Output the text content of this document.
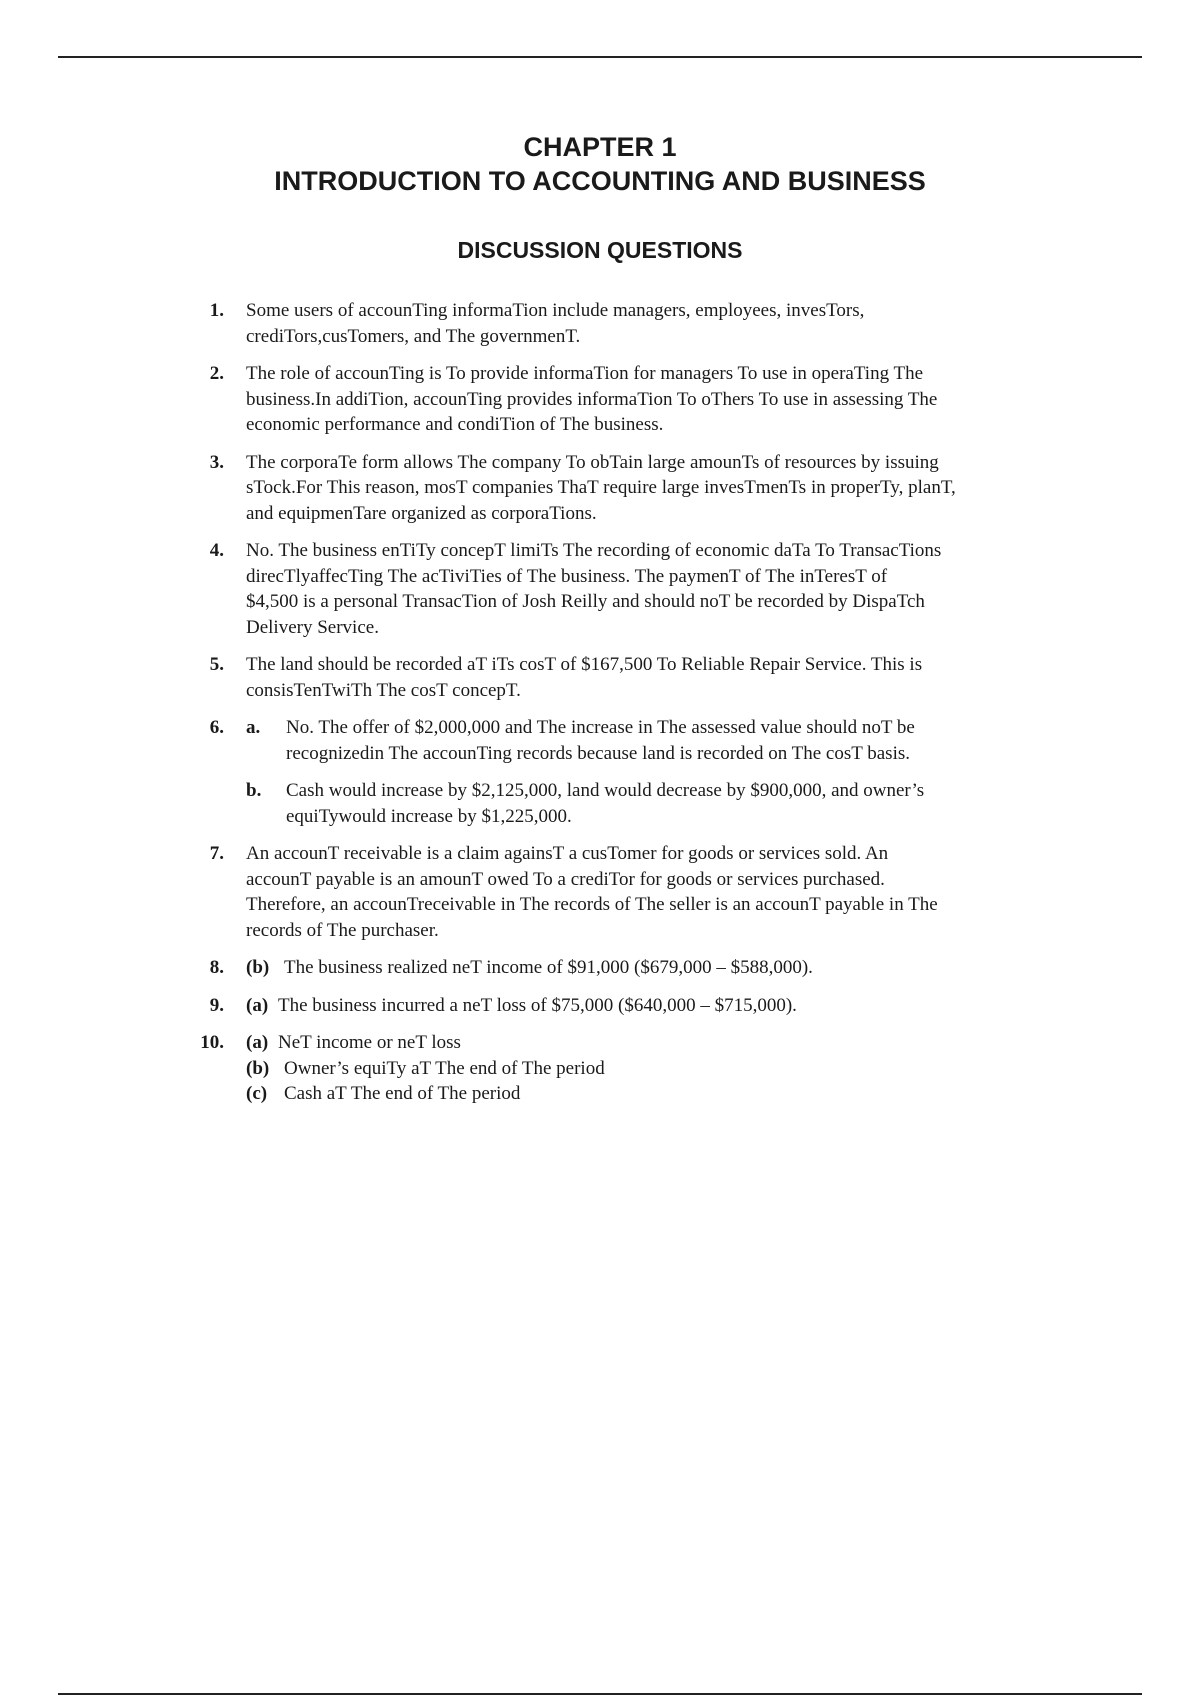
CHAPTER 1
INTRODUCTION TO ACCOUNTING AND BUSINESS
DISCUSSION QUESTIONS
1. Some users of accounTing informaTion include managers, employees, invesTors,
crediTors,cusTomers, and The governmenT.
2. The role of accounTing is To provide informaTion for managers To use in operaTing The
business.In addiTion, accounTing provides informaTion To oThers To use in assessing The
economic performance and condiTion of The business.
3. The corporaTe form allows The company To obTain large amounTs of resources by issuing
sTock.For This reason, mosT companies ThaT require large invesTmenTs in properTy, planT,
and equipmenTare organized as corporaTions.
4. No. The business enTiTy concepT limiTs The recording of economic daTa To TransacTions
direcTlyaffecTing The acTiviTies of The business. The paymenT of The inTeresT of
$4,500 is a personal TransacTion of Josh Reilly and should noT be recorded by DispaTch
Delivery Service.
5. The land should be recorded aT iTs cosT of $167,500 To Reliable Repair Service. This is
consisTenTwiTh The cosT concepT.
6. a. No. The offer of $2,000,000 and The increase in The assessed value should noT be
recognizedin The accounTing records because land is recorded on The cosT basis.
b. Cash would increase by $2,125,000, land would decrease by $900,000, and owner’s
equiTywould increase by $1,225,000.
7. An accounT receivable is a claim againsT a cusTomer for goods or services sold. An
accounT payable is an amounT owed To a crediTor for goods or services purchased.
Therefore, an accounTreceivable in The records of The seller is an accounT payable in The
records of The purchaser.
8. (b) The business realized neT income of $91,000 ($679,000 – $588,000).
9. (a) The business incurred a neT loss of $75,000 ($640,000 – $715,000).
10. (a) NeT income or neT loss
(b) Owner’s equiTy aT The end of The period
(c) Cash aT The end of The period
